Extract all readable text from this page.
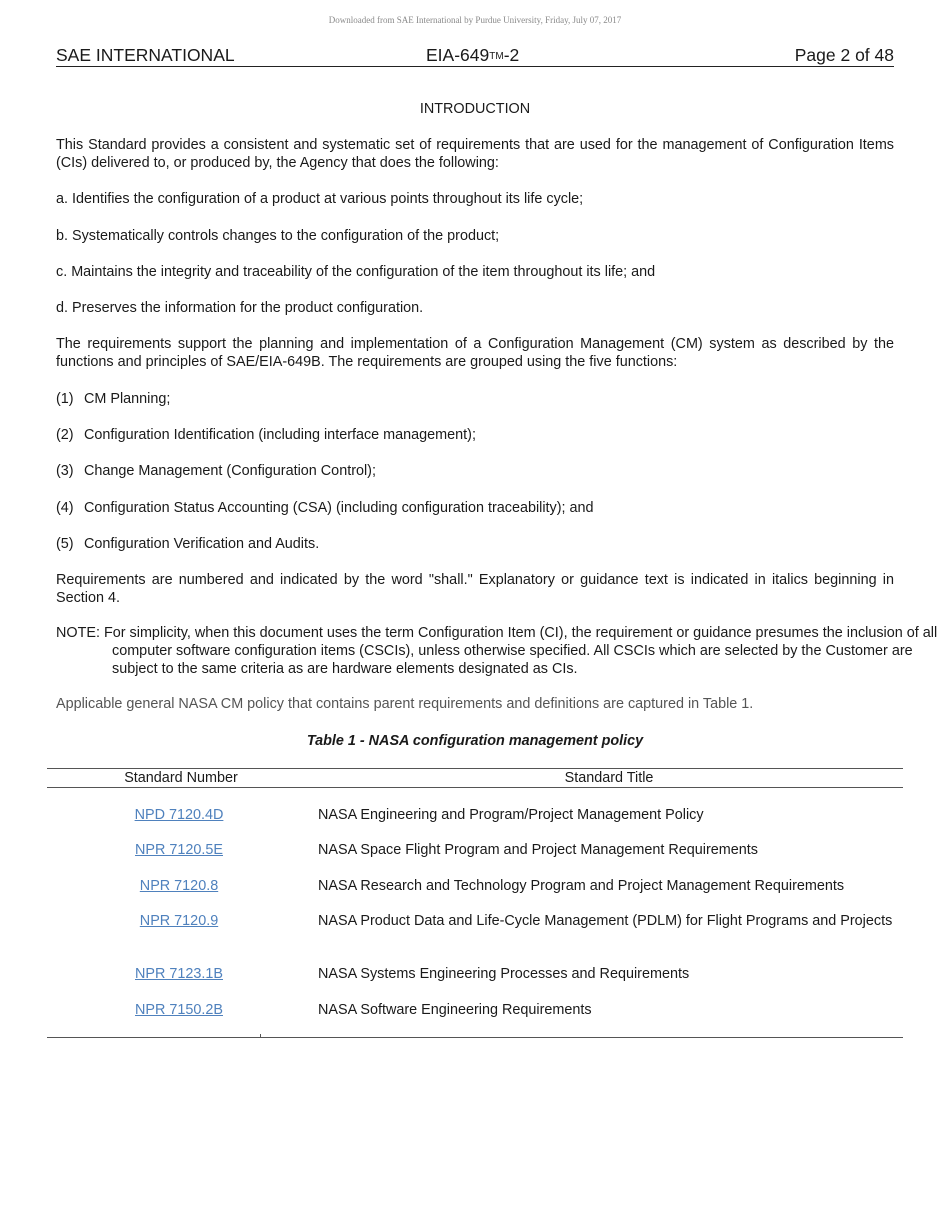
Downloaded from SAE International by Purdue University, Friday, July 07, 2017
SAE INTERNATIONAL	EIA-649TM-2	Page 2 of 48

INTRODUCTION

This Standard provides a consistent and systematic set of requirements that are used for the management of Configuration Items (CIs) delivered to, or produced by, the Agency that does the following:

a. Identifies the configuration of a product at various points throughout its life cycle;

b. Systematically controls changes to the configuration of the product;

c. Maintains the integrity and traceability of the configuration of the item throughout its life; and

d. Preserves the information for the product configuration.

The requirements support the planning and implementation of a Configuration Management (CM) system as described by the functions and principles of SAE/EIA-649B. The requirements are grouped using the five functions:

(1) CM Planning;

(2) Configuration Identification (including interface management);

(3) Change Management (Configuration Control);

(4) Configuration Status Accounting (CSA) (including configuration traceability); and

(5) Configuration Verification and Audits.

Requirements are numbered and indicated by the word "shall." Explanatory or guidance text is indicated in italics beginning in Section 4.

NOTE: For simplicity, when this document uses the term Configuration Item (CI), the requirement or guidance presumes the inclusion of all computer software configuration items (CSCIs), unless otherwise specified. All CSCIs which are selected by the Customer are subject to the same criteria as are hardware elements designated as CIs.

Applicable general NASA CM policy that contains parent requirements and definitions are captured in Table 1.

Table 1 - NASA configuration management policy

Standard Number	Standard Title
NPD 7120.4D	NASA Engineering and Program/Project Management Policy
NPR 7120.5E	NASA Space Flight Program and Project Management Requirements
NPR 7120.8	NASA Research and Technology Program and Project Management Requirements
NPR 7120.9	NASA Product Data and Life-Cycle Management (PDLM) for Flight Programs and Projects
NPR 7123.1B	NASA Systems Engineering Processes and Requirements
NPR 7150.2B	NASA Software Engineering Requirements
